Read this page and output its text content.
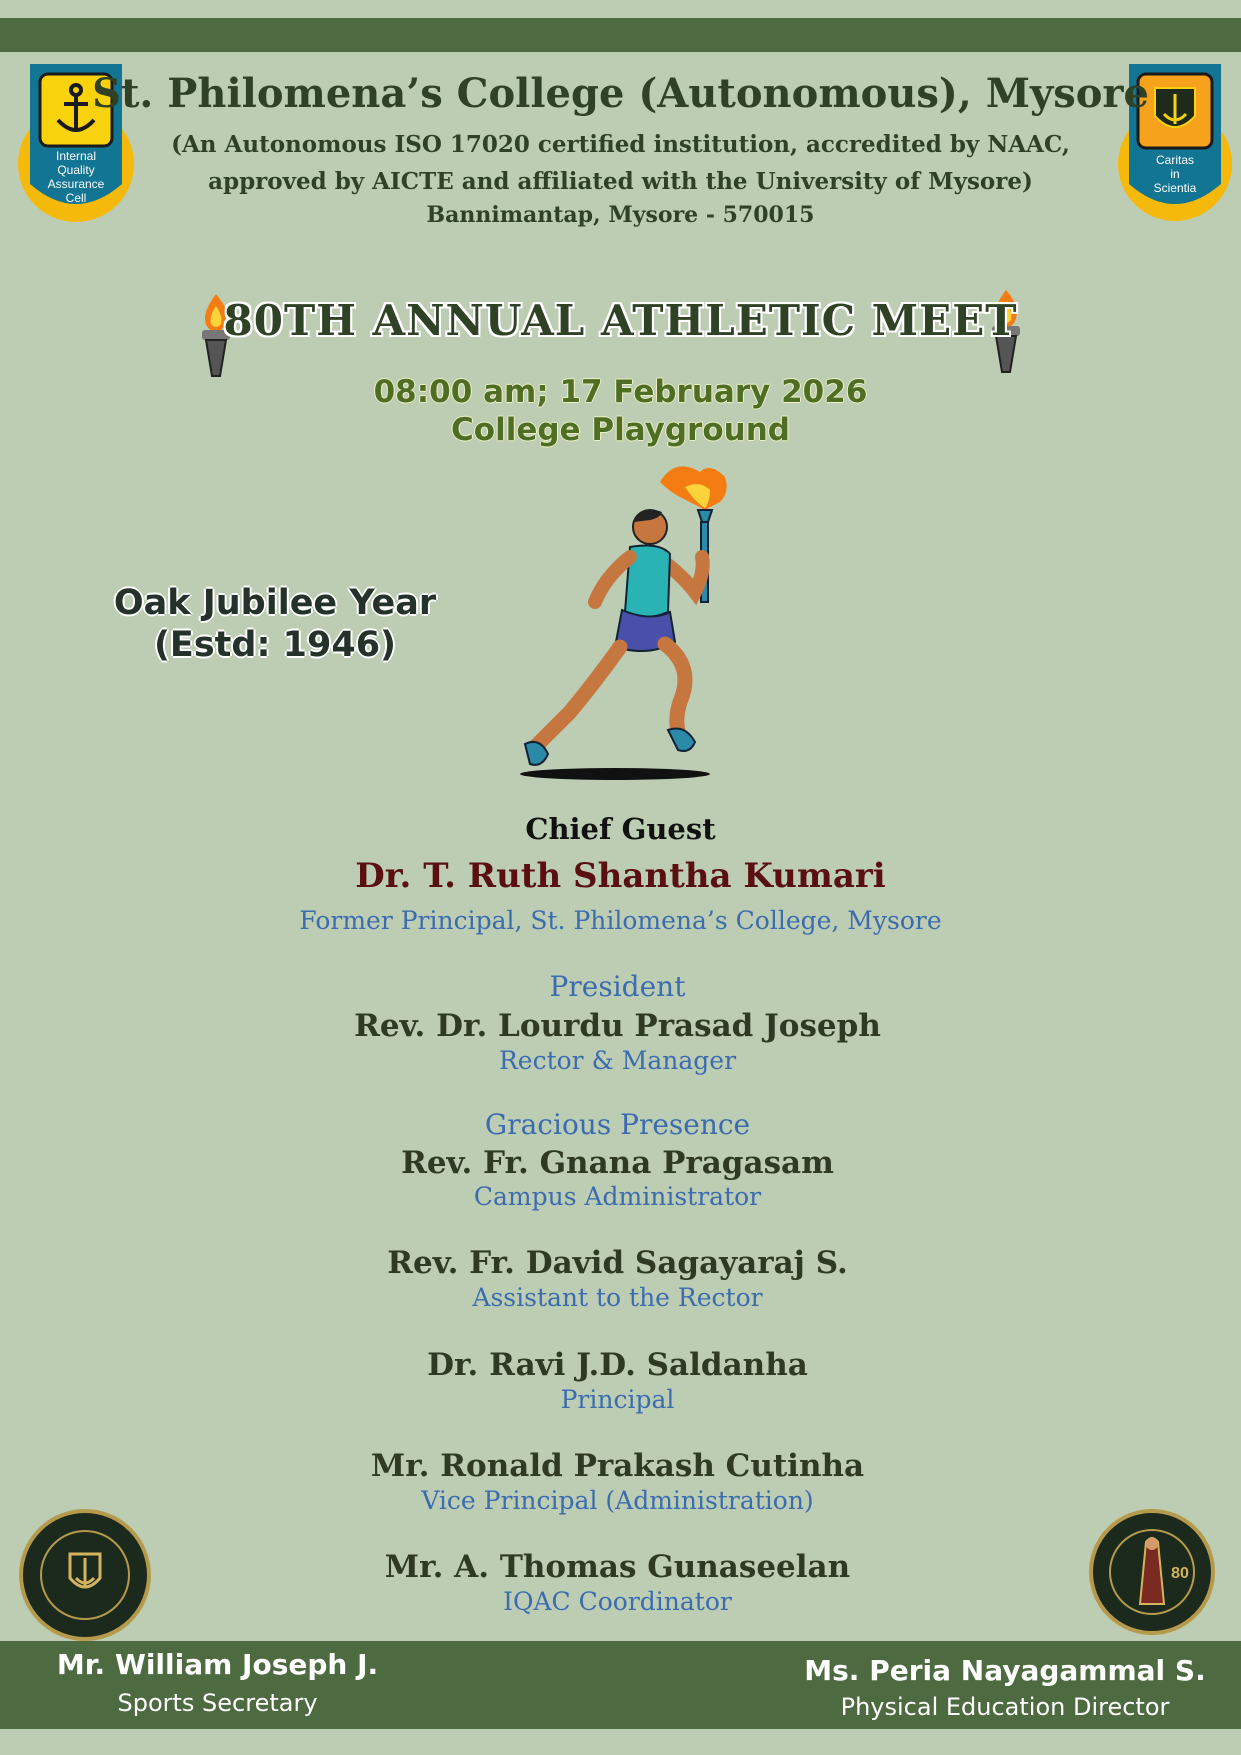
Internal
Quality
Assurance
Cell
Caritas
in
Scientia
St. Philomena’s College (Autonomous), Mysore
(An Autonomous ISO 17020 certified institution, accredited by NAAC,
approved by AICTE and affiliated with the University of Mysore)
Bannimantap, Mysore - 570015
80TH ANNUAL ATHLETIC MEET
08:00 am; 17 February 2026
College Playground
Oak Jubilee Year
(Estd: 1946)
Chief Guest
Dr. T. Ruth Shantha Kumari
Former Principal, St. Philomena’s College, Mysore
President
Rev. Dr. Lourdu Prasad Joseph
Rector & Manager
Gracious Presence
Rev. Fr. Gnana Pragasam
Campus Administrator
Rev. Fr. David Sagayaraj S.
Assistant to the Rector
Dr. Ravi J.D. Saldanha
Principal
Mr. Ronald Prakash Cutinha
Vice Principal (Administration)
Mr. A. Thomas Gunaseelan
IQAC Coordinator
80
Mr. William Joseph J.
Sports Secretary
Ms. Peria Nayagammal S.
Physical Education Director
